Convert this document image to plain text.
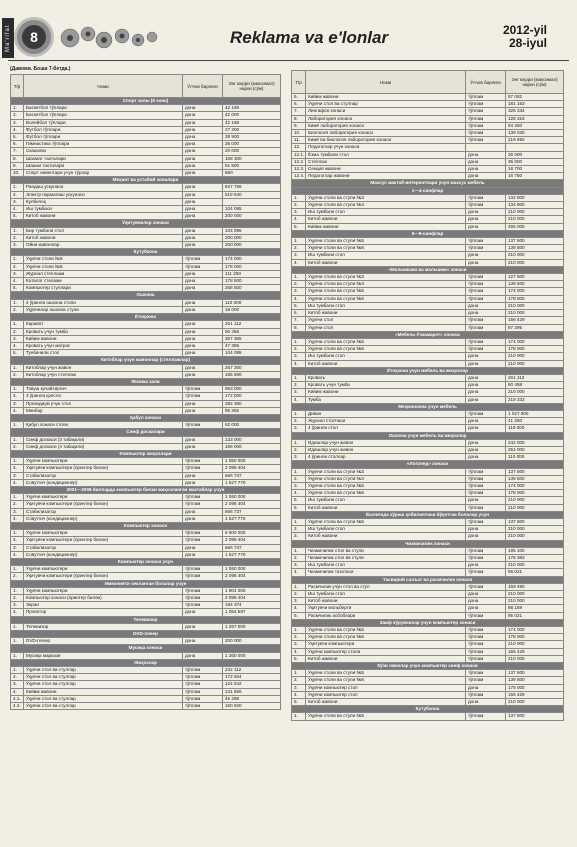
Ma'rifat	8	Reklama va e'lonlar	2012-yil
28-iyul
(Давоми. Боши 7-бетда.)
Т/р	Номи	Ўлчов бирлиги	Энг юқори (максимал) нархи (сўм)
Спорт залы (8 хона)			
1.	Баскетбол тўплари	дона	42 168
2.	Баскетбол тўплари	дона	42 000
3.	Волейбол тўплари	дона	42 168
4.	Футбол тўплари	дона	27 300
5.	Футбол тўплари	дона	39 900
6.	Гимнастика тўплари	дона	36 000
7.	Скакалки	дона	20 000
8.	Шахмат тахталари	дона	168 300
9.	Шашки тахталари	дона	51 500
10.	Спорт инвентари учун тўрлар	дона	660
Меҳнат ва устабий хоналари			
1.	Рандаш ускунаси	дона	847 756
2.	Электр пармалаш ускунаси	дона	518 540
3.	Кулбичоқ	дона	
4.	Иш тумбаси	дона	104 095
5.	Китоб жавони	дона	200 000
Ўқитувчилар хонаси			
1.	Бир тумбали стол	дона	104 095
2.	Китоб жавони	дона	200 000
3.	Ойна жавонлар	дона	200 000
Кутубхона			
1.	Ўқувчи столи №5	тўплам	174 000
2.	Ўқувчи столи №6	тўплам	178 000
3.	Журнал стеллажи	дона	111 250
4.	Каталог стелажи	дона	178 500
5.	Компьютер стуллари	дона	268 500
Ошхона			
1.	4 ўринли ошхона столи	дона	110 000
2.	Ўқувчилар ошхона стули	дона	18 000
Ётоқхона			
1.	Каравот	дона	261 112
2.	Кровать учун тумба	дона	50 458
3.	Кийим жавони	дона	367 365
4.	Кровать учун матрас	дона	47 385
5.	Тунбачили стол	дона	104 095
Китоблар учун жавонлар (стеллажлар)			
1.	Китоблар учун жавон	дона	267 300
2.	Китоблар учун стеллаж	дона	185 500
Физика зали			
1.	Товуш кучайтиргич	тўплам	963 000
2.	3 ўринли кресло	тўплам	172 000
3.	Президиум учун стол	дона	382 360
4.	Минбар	дона	95 355
Қабул хонаси			
1.	Қабул хонаси столи	тўплам	62 000
Синф доскалари			
1.	Синф доскаси (3 табақали)	дона	133 000
2.	Синф доскаси (4 табақали)	дона	166 000
Компьютер жиҳозлари			
1.	Ўқувчи компьютери	тўплам	1 550 000
2.	Ўқитувчи компьютери (принтер билан)	тўплам	2 098 404
3.	Стабилизатор	дона	666 737
4.	Совутгич (кондиционер)	дона	1 527 770
2001—2009 йилларда компьютер билан жиҳозланган мактаблар учун			
1.	Ўқувчи компьютери	тўплам	1 550 000
2.	Ўқитувчи компьютери (принтер билан)	тўплам	2 098 404
3.	Стабилизатор	дона	666 737
4.	Совутгич (кондиционер)	дона	1 527 770
Компьютер хонаси			
1.	Ўқувчи компьютери	тўплам	6 500 000
2.	Ўқитувчи компьютери (принтер билан)	тўплам	2 098 404
3.	Стабилизатор	дона	666 737
4.	Совутгич (кондиционер)	дона	1 527 770
Компьютер хонаси учун			
1.	Ўқувчи компьютери	тўплам	1 550 000
2.	Ўқитувчи компьютери (принтер билан)	тўплам	2 098 404
Имконияти чекланган болалар учун			
1.	Ўқувчи компьютери	тўплам	1 904 000
2.	Компьютер хонаси (принтер билан)	тўплам	2 098 404
3.	Экран	тўплам	194 374
4.	Проектор	дона	1 054 587
Телевизор			
1.	Телевизор	дона	1 257 000
DVD-плеер			
1.	DVD-плеер	дона	200 000
Мусиқа хонаси			
1.	Мусиқа маркази	дона	1 260 000
Жиҳозлар			
1.	Ўқувчи стол ва стуллар	тўплам	232 112
2.	Ўқувчи стол ва стуллар	тўплам	172 504
3.	Ўқувчи стол ва стуллар	тўплам	124 542
4.	Кийим жавони	тўплам	131 856
4.1.	Ўқувчи стол ва стуллар	тўплам	45 288
4.2.	Ўқувчи стол ва стуллар	тўплам	150 920
Т/р	Номи	Ўлчов бирлиги	Энг юқори (максимал) нархи (сўм)
5.	Кийим жавони	тўплам	87 082
6.	Ўқувчи стол ва стуллар	тўплам	181 153
7.	Лингафон хонаси	тўплам	326 334
8.	Лаборатория хонаси	тўплам	128 316
9.	Кимё лаборатория хонаси	тўплам	94 350
10.	Биология лаборатория хонаси	тўплам	139 030
11.	Кимё ва биология лаборатория хонаси	тўплам	219 692
12.	Педагоглар учун хонаси		
12.1.	Ёзма тумбали стол	дона	26 000
12.2.	Стеллаж	дона	35 000
12.3.	Секция жавони	дона	18 700
12.4.	Педагоглар жавони	дона	16 750
Махсус мактаб-интернатлари учун махсус мебель			
1—4-синфлар			
1.	Ўқувчи столи ва стули №3	тўплам	132 800
2.	Ўқувчи столи ва стули №4	тўплам	134 900
3.	Иш тумбали стол	дона	210 000
4.	Китоб жавони	дона	210 000
5.	Кийим жавони	дона	265 000
5—9-синфлар			
1.	Ўқувчи столи ва стули №5	тўплам	137 500
2.	Ўқувчи столи ва стули №6	тўплам	139 500
3.	Иш тумбали стол	дона	210 000
4.	Китоб жавони	дона	210 000
«Мальчишки ва мальчики» хонаси			
1.	Ўқувчи столи ва стули №3	тўплам	127 500
2.	Ўқувчи столи ва стули №4	тўплам	139 500
3.	Ўқувчи столи ва стули №5	тўплам	174 000
4.	Ўқувчи столи ва стули №6	тўплам	178 000
5.	Иш тумбали стол	дона	210 000
6.	Китоб жавони	дона	210 000
7.	Ўқувчи стол	тўплам	156 429
8.	Ўқувчи стол	тўплам	87 295
«Мебель-Ўзкамарет» хонаси			
1.	Ўқувчи столи ва стули №5	тўплам	174 000
2.	Ўқувчи столи ва стули №6	тўплам	178 000
3.	Иш тумбали стол	дона	210 000
4.	Китоб жавони	дона	210 000
Ётоқхона учун мебель ва жиҳозлар			
1.	Кровать	дона	261 113
2.	Кровать учун тумба	дона	50 458
3.	Кийим жавони	дона	210 000
4.	Тумба	дона	219 333
Меҳмонхона учун мебель			
1.	Диван	тўплам	1 027 000
2.	Журнал столчаси	дона	41 250
3.	4 ўринли стол	дона	110 000
Ошхона учун мебель ва жиҳозлар			
1.	Идишлар учун жавон	дона	242 000
2.	Идишлар учун жавон	дона	251 000
3.	4 ўринли столлар	дона	110 000
«Логопед» хонаси			
1.	Ўқувчи столи ва стули №3	тўплам	137 500
2.	Ўқувчи столи ва стули №4	тўплам	139 500
3.	Ўқувчи столи ва стули №5	тўплам	174 000
4.	Ўқувчи столи ва стули №6	тўплам	178 000
5.	Иш тумбали стол	дона	210 000
6.	Китоб жавони	тўплам	210 000
Ёшлигида кўриш қобилиятини йўқотган болалар учун			
1.	Ўқувчи столи ва стули №5	тўплам	137 500
2.	Иш тумбали стол	дона	210 000
3.	Китоб жавони	дона	210 000
Чизмачилик хонаси			
1.	Чизмачилик стол ва стули	тўплам	195 100
2.	Чизмачилик стол ва стули	тўплам	178 383
3.	Иш тумбали стол	дона	210 000
4.	Чизмачилик таххтаси	тўплам	95 021
Тасвирий санъат ва расмчилик хонаси			
1.	Расмчилик учун стол ва стул	тўплам	169 490
2.	Иш тумбали стол	дона	210 000
3.	Китоб жавони	дона	210 000
4.	Ўқитувчи мольберти	дона	88 159
5.	Расмчилик асбоблари	тўплам	95 021
Заиф кўрувчилар учун компьютер хонаси			
1.	Ўқувчи столи ва стули №5	тўплам	174 000
2.	Ўқувчи столи ва стули №6	тўплам	178 000
3.	Ўқитувчи компьютери	тўплам	210 000
4.	Ўқувчи компьютер столи	тўплам	156 429
5.	Китоб жавони	тўплам	210 000
Кўзи ожизлар учун компьютер синф хонаси			
1.	Ўқувчи столи ва стули №5	тўплам	137 500
2.	Ўқувчи столи ва стули №6	тўплам	139 500
3.	Ўқувчи компьютер стол	дона	178 000
4.	Ўқувчи компьютер стол	тўплам	156 429
5.	Китоб жавони	дона	210 000
Кутубхона			
1.	Ўқувчи столи ва стули №5	тўплам	137 500
